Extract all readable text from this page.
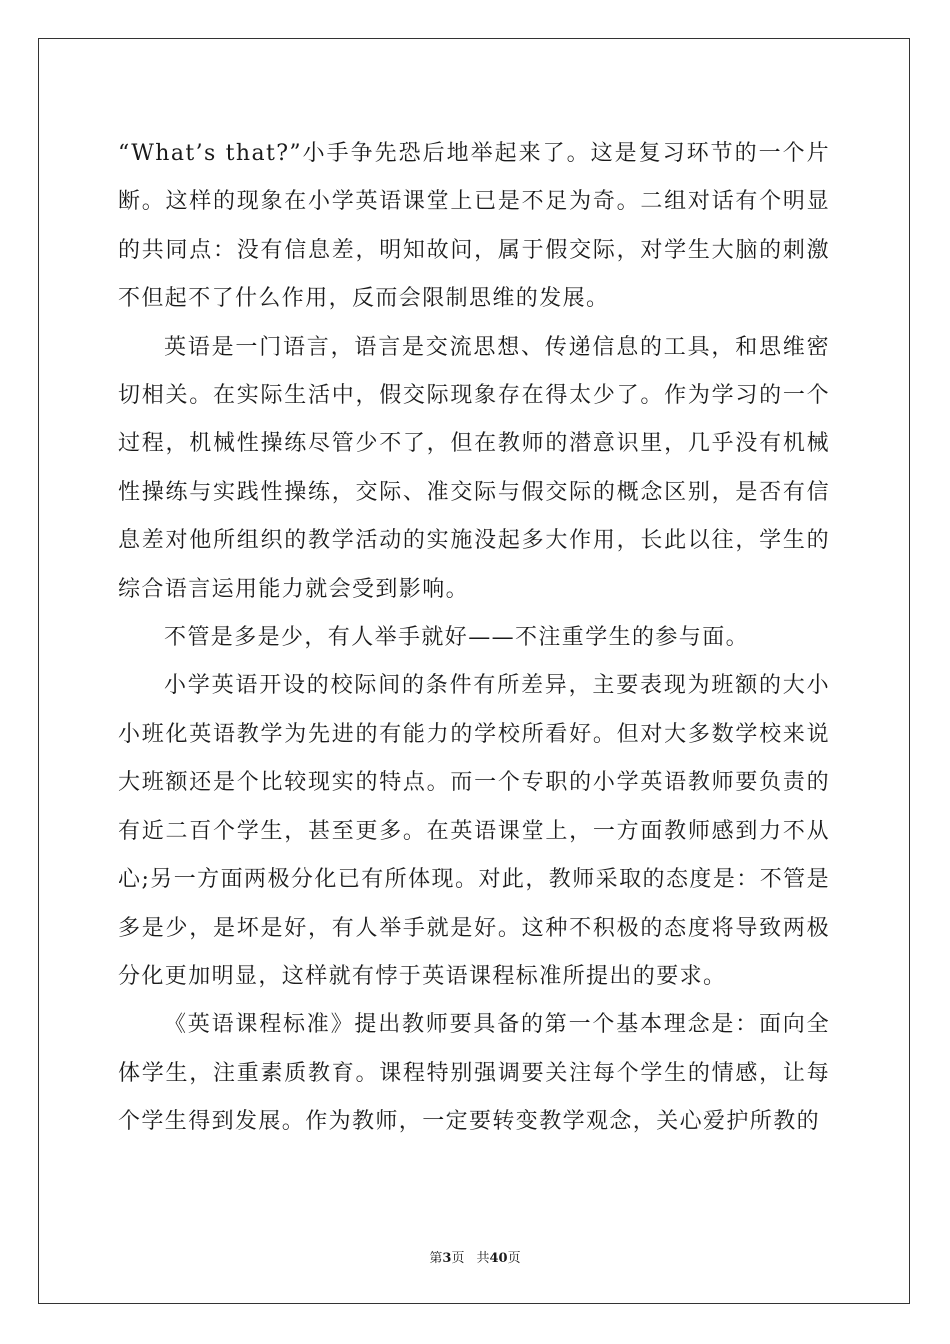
“What’s that?”小手争先恐后地举起来了。这是复习环节的一个片断。这样的现象在小学英语课堂上已是不足为奇。二组对话有个明显的共同点：没有信息差，明知故问，属于假交际，对学生大脑的刺激不但起不了什么作用，反而会限制思维的发展。

英语是一门语言，语言是交流思想、传递信息的工具，和思维密切相关。在实际生活中，假交际现象存在得太少了。作为学习的一个过程，机械性操练尽管少不了，但在教师的潜意识里，几乎没有机械性操练与实践性操练，交际、准交际与假交际的概念区别，是否有信息差对他所组织的教学活动的实施没起多大作用，长此以往，学生的综合语言运用能力就会受到影响。

不管是多是少，有人举手就好——不注重学生的参与面。

小学英语开设的校际间的条件有所差异，主要表现为班额的大小小班化英语教学为先进的有能力的学校所看好。但对大多数学校来说大班额还是个比较现实的特点。而一个专职的小学英语教师要负责的有近二百个学生，甚至更多。在英语课堂上，一方面教师感到力不从心;另一方面两极分化已有所体现。对此，教师采取的态度是：不管是多是少，是坏是好，有人举手就是好。这种不积极的态度将导致两极分化更加明显，这样就有悖于英语课程标准所提出的要求。

《英语课程标准》提出教师要具备的第一个基本理念是：面向全体学生，注重素质教育。课程特别强调要关注每个学生的情感，让每个学生得到发展。作为教师，一定要转变教学观念，关心爱护所教的

第3页 共40页
